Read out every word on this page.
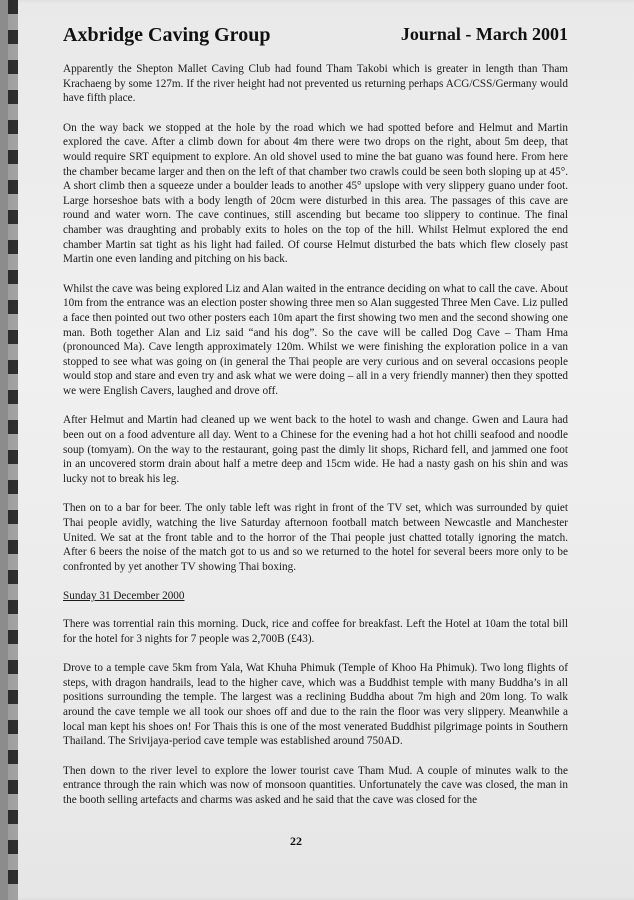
Axbridge Caving Group	Journal - March 2001

Apparently the Shepton Mallet Caving Club had found Tham Takobi which is greater in length than Tham Krachaeng by some 127m. If the river height had not prevented us returning perhaps ACG/CSS/Germany would have fifth place.

On the way back we stopped at the hole by the road which we had spotted before and Helmut and Martin explored the cave. After a climb down for about 4m there were two drops on the right, about 5m deep, that would require SRT equipment to explore. An old shovel used to mine the bat guano was found here. From here the chamber became larger and then on the left of that chamber two crawls could be seen both sloping up at 45°. A short climb then a squeeze under a boulder leads to another 45° upslope with very slippery guano under foot. Large horseshoe bats with a body length of 20cm were disturbed in this area. The passages of this cave are round and water worn. The cave continues, still ascending but became too slippery to continue. The final chamber was draughting and probably exits to holes on the top of the hill. Whilst Helmut explored the end chamber Martin sat tight as his light had failed. Of course Helmut disturbed the bats which flew closely past Martin one even landing and pitching on his back.

Whilst the cave was being explored Liz and Alan waited in the entrance deciding on what to call the cave. About 10m from the entrance was an election poster showing three men so Alan suggested Three Men Cave. Liz pulled a face then pointed out two other posters each 10m apart the first showing two men and the second showing one man. Both together Alan and Liz said “and his dog”. So the cave will be called Dog Cave – Tham Hma (pronounced Ma). Cave length approximately 120m. Whilst we were finishing the exploration police in a van stopped to see what was going on (in general the Thai people are very curious and on several occasions people would stop and stare and even try and ask what we were doing – all in a very friendly manner) then they spotted we were English Cavers, laughed and drove off.

After Helmut and Martin had cleaned up we went back to the hotel to wash and change. Gwen and Laura had been out on a food adventure all day. Went to a Chinese for the evening had a hot hot chilli seafood and noodle soup (tomyam). On the way to the restaurant, going past the dimly lit shops, Richard fell, and jammed one foot in an uncovered storm drain about half a metre deep and 15cm wide. He had a nasty gash on his shin and was lucky not to break his leg.

Then on to a bar for beer. The only table left was right in front of the TV set, which was surrounded by quiet Thai people avidly, watching the live Saturday afternoon football match between Newcastle and Manchester United. We sat at the front table and to the horror of the Thai people just chatted totally ignoring the match. After 6 beers the noise of the match got to us and so we returned to the hotel for several beers more only to be confronted by yet another TV showing Thai boxing.

Sunday 31 December 2000

There was torrential rain this morning. Duck, rice and coffee for breakfast. Left the Hotel at 10am the total bill for the hotel for 3 nights for 7 people was 2,700B (£43).

Drove to a temple cave 5km from Yala, Wat Khuha Phimuk (Temple of Khoo Ha Phimuk). Two long flights of steps, with dragon handrails, lead to the higher cave, which was a Buddhist temple with many Buddha’s in all positions surrounding the temple. The largest was a reclining Buddha about 7m high and 20m long. To walk around the cave temple we all took our shoes off and due to the rain the floor was very slippery. Meanwhile a local man kept his shoes on! For Thais this is one of the most venerated Buddhist pilgrimage points in Southern Thailand. The Srivijaya-period cave temple was established around 750AD.

Then down to the river level to explore the lower tourist cave Tham Mud. A couple of minutes walk to the entrance through the rain which was now of monsoon quantities. Unfortunately the cave was closed, the man in the booth selling artefacts and charms was asked and he said that the cave was closed for the

22
